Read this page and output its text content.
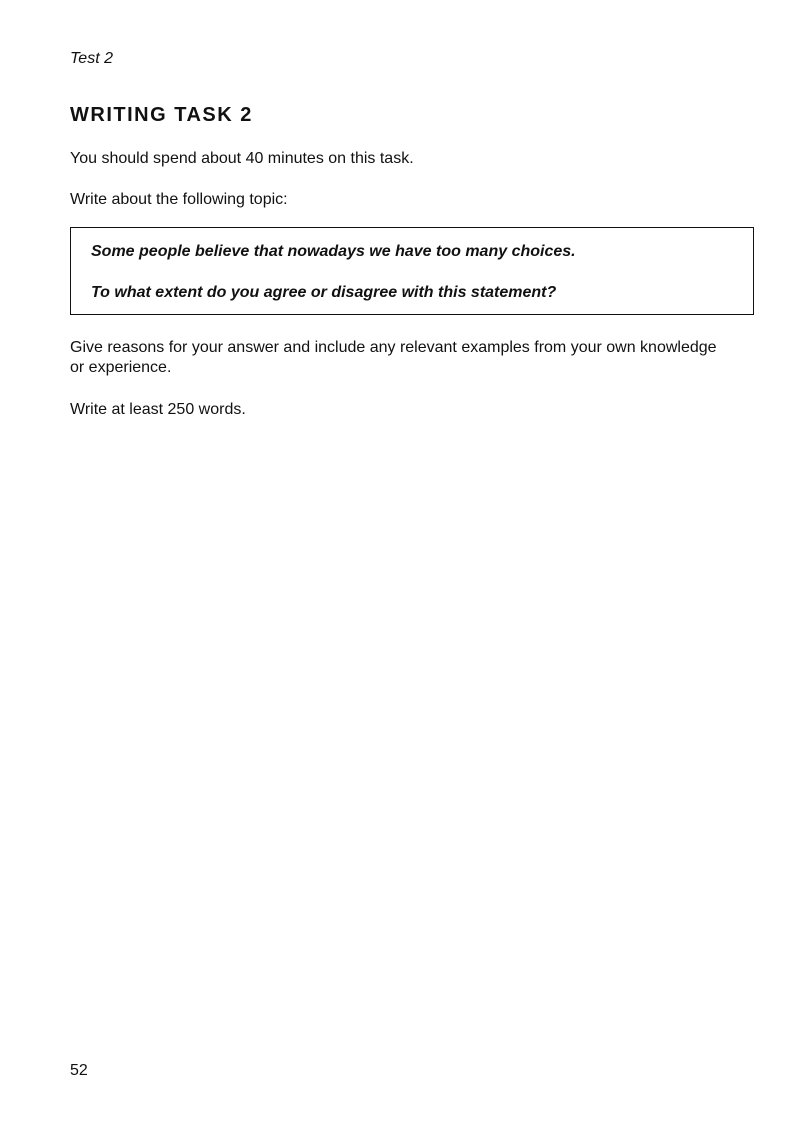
Test 2
WRITING TASK 2

You should spend about 40 minutes on this task.

Write about the following topic:

Some people believe that nowadays we have too many choices.

To what extent do you agree or disagree with this statement?

Give reasons for your answer and include any relevant examples from your own knowledge or experience.

Write at least 250 words.

52
